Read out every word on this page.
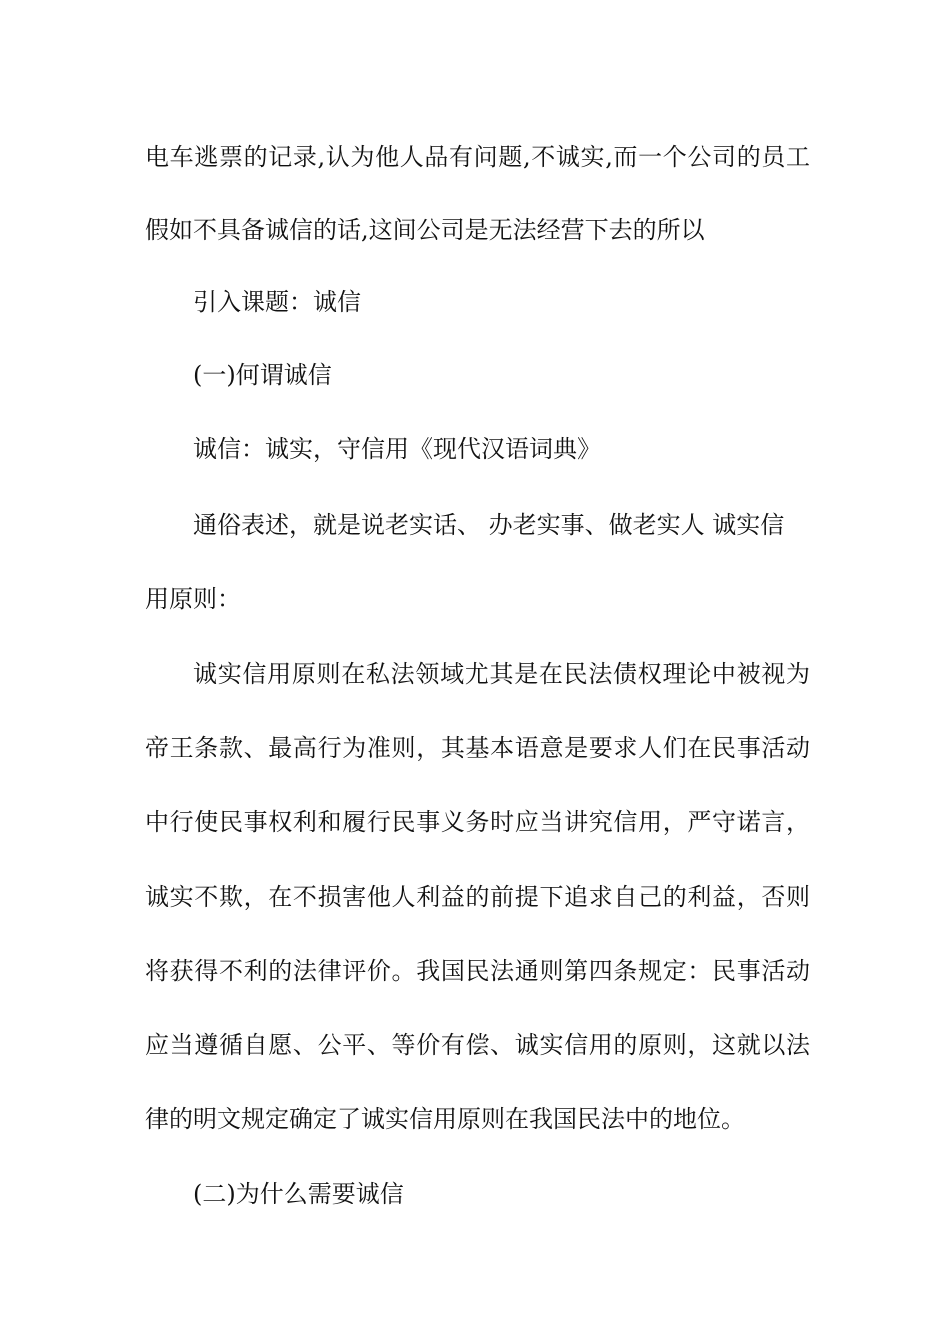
电车逃票的记录,认为他人品有问题,不诚实,而一个公司的员工
假如不具备诚信的话,这间公司是无法经营下去的所以
引入课题：诚信
(一)何谓诚信
诚信：诚实，守信用《现代汉语词典》
通俗表述，就是说老实话、 办老实事、做老实人 诚实信
用原则：
诚实信用原则在私法领域尤其是在民法债权理论中被视为
帝王条款、最高行为准则，其基本语意是要求人们在民事活动
中行使民事权利和履行民事义务时应当讲究信用，严守诺言，
诚实不欺，在不损害他人利益的前提下追求自己的利益，否则
将获得不利的法律评价。我国民法通则第四条规定：民事活动
应当遵循自愿、公平、等价有偿、诚实信用的原则，这就以法
律的明文规定确定了诚实信用原则在我国民法中的地位。
(二)为什么需要诚信
